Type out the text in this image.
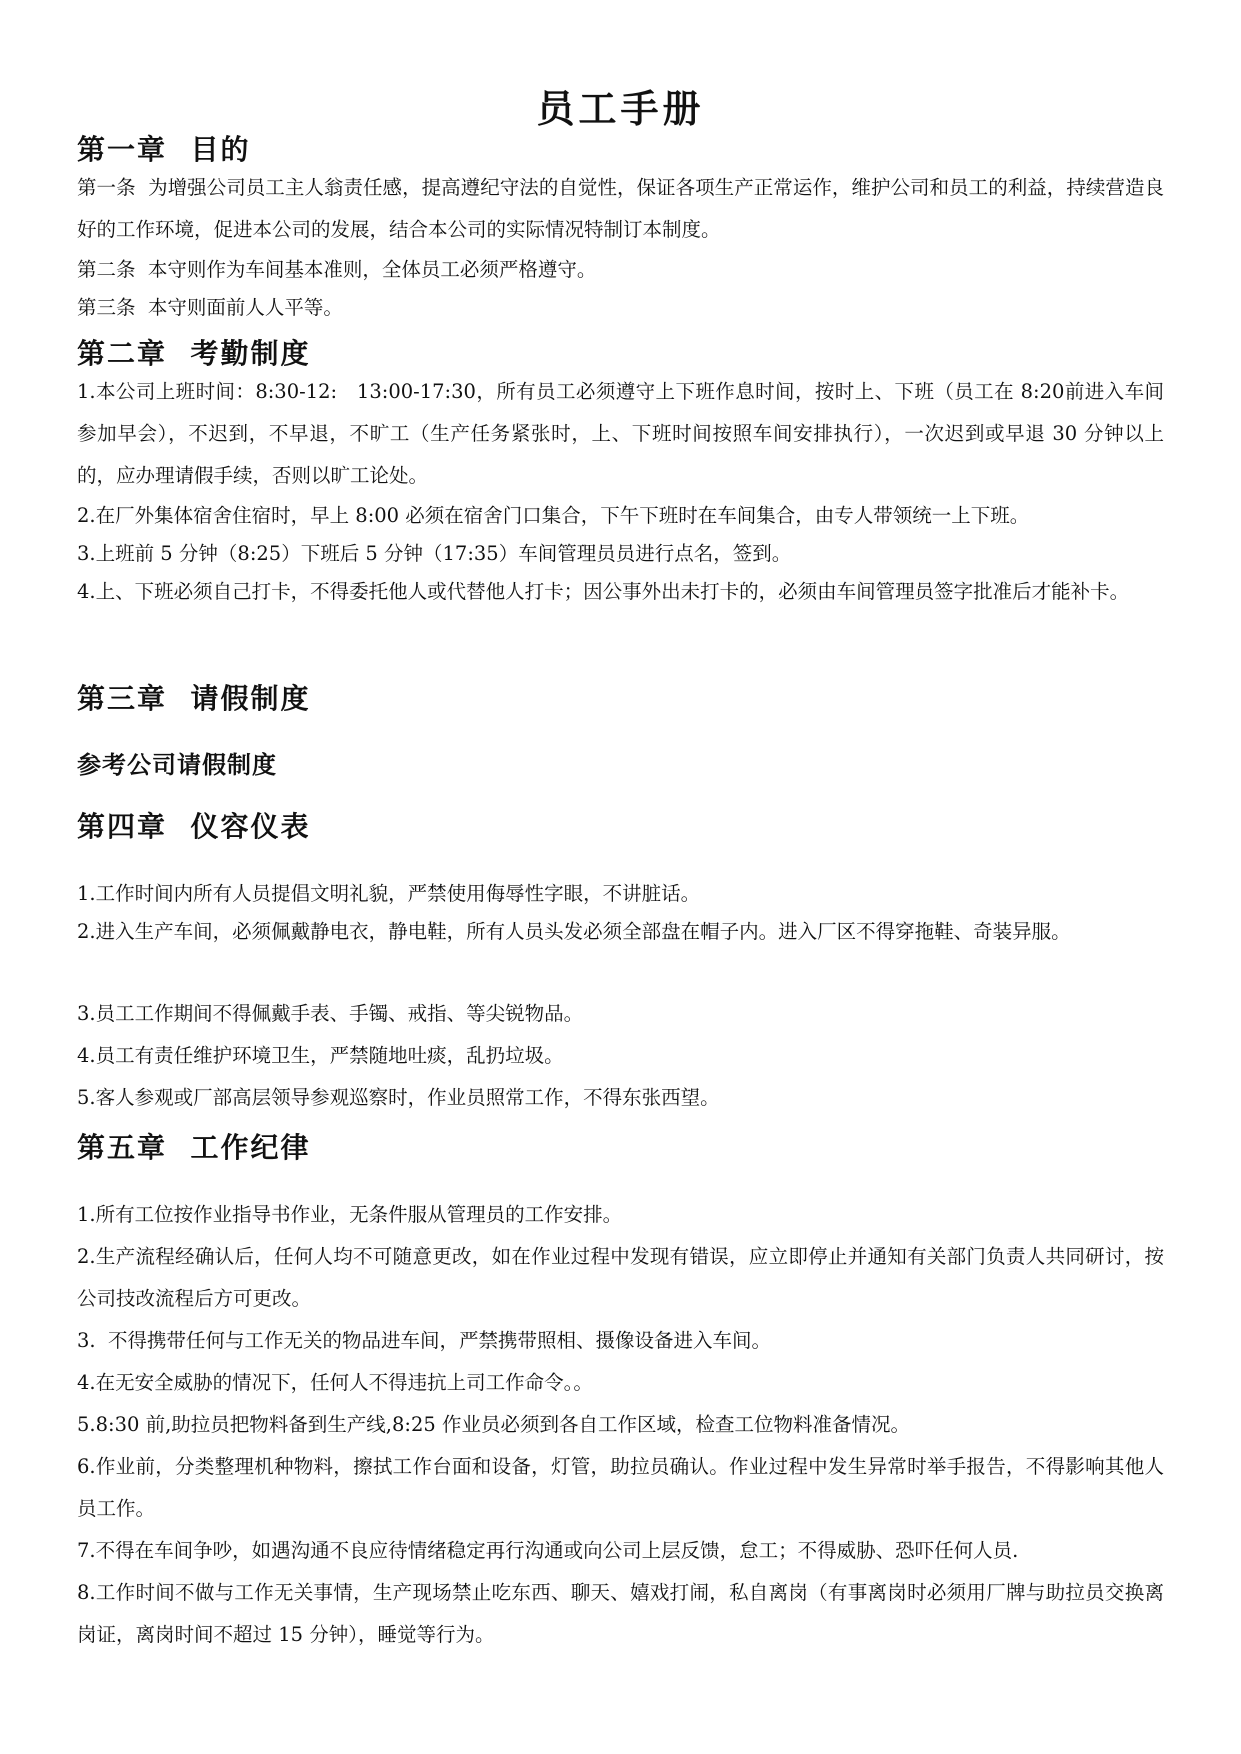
员工手册
第一章  目的

第一条  为增强公司员工主人翁责任感，提高遵纪守法的自觉性，保证各项生产正常运作，维护公司和员工的利益，持续营造良好的工作环境，促进本公司的发展，结合本公司的实际情况特制订本制度。

第二条  本守则作为车间基本准则，全体员工必须严格遵守。

第三条  本守则面前人人平等。

第二章  考勤制度

1.本公司上班时间：8:30-12:   13:00-17:30，所有员工必须遵守上下班作息时间，按时上、下班（员工在 8:20前进入车间参加早会），不迟到，不早退，不旷工（生产任务紧张时，上、下班时间按照车间安排执行），一次迟到或早退 30 分钟以上的，应办理请假手续，否则以旷工论处。

2.在厂外集体宿舍住宿时，早上 8:00 必须在宿舍门口集合，下午下班时在车间集合，由专人带领统一上下班。

3.上班前 5 分钟（8:25）下班后 5 分钟（17:35）车间管理员员进行点名，签到。

4.上、下班必须自己打卡，不得委托他人或代替他人打卡；因公事外出未打卡的，必须由车间管理员签字批准后才能补卡。

第三章  请假制度
参考公司请假制度
第四章  仪容仪表

1.工作时间内所有人员提倡文明礼貌，严禁使用侮辱性字眼，不讲脏话。

2.进入生产车间，必须佩戴静电衣，静电鞋，所有人员头发必须全部盘在帽子内。进入厂区不得穿拖鞋、奇装异服。

3.员工工作期间不得佩戴手表、手镯、戒指、等尖锐物品。

4.员工有责任维护环境卫生，严禁随地吐痰，乱扔垃圾。

5.客人参观或厂部高层领导参观巡察时，作业员照常工作，不得东张西望。

第五章  工作纪律

1.所有工位按作业指导书作业，无条件服从管理员的工作安排。

2.生产流程经确认后，任何人均不可随意更改，如在作业过程中发现有错误，应立即停止并通知有关部门负责人共同研讨，按公司技改流程后方可更改。

3.  不得携带任何与工作无关的物品进车间，严禁携带照相、摄像设备进入车间。

4.在无安全威胁的情况下，任何人不得违抗上司工作命令。。

5.8:30 前,助拉员把物料备到生产线,8:25 作业员必须到各自工作区域，检查工位物料准备情况。

6.作业前，分类整理机种物料，擦拭工作台面和设备，灯管，助拉员确认。作业过程中发生异常时举手报告，不得影响其他人员工作。

7.不得在车间争吵，如遇沟通不良应待情绪稳定再行沟通或向公司上层反馈，怠工；不得威胁、恐吓任何人员.

8.工作时间不做与工作无关事情，生产现场禁止吃东西、聊天、嬉戏打闹，私自离岗（有事离岗时必须用厂牌与助拉员交换离岗证，离岗时间不超过 15 分钟），睡觉等行为。
